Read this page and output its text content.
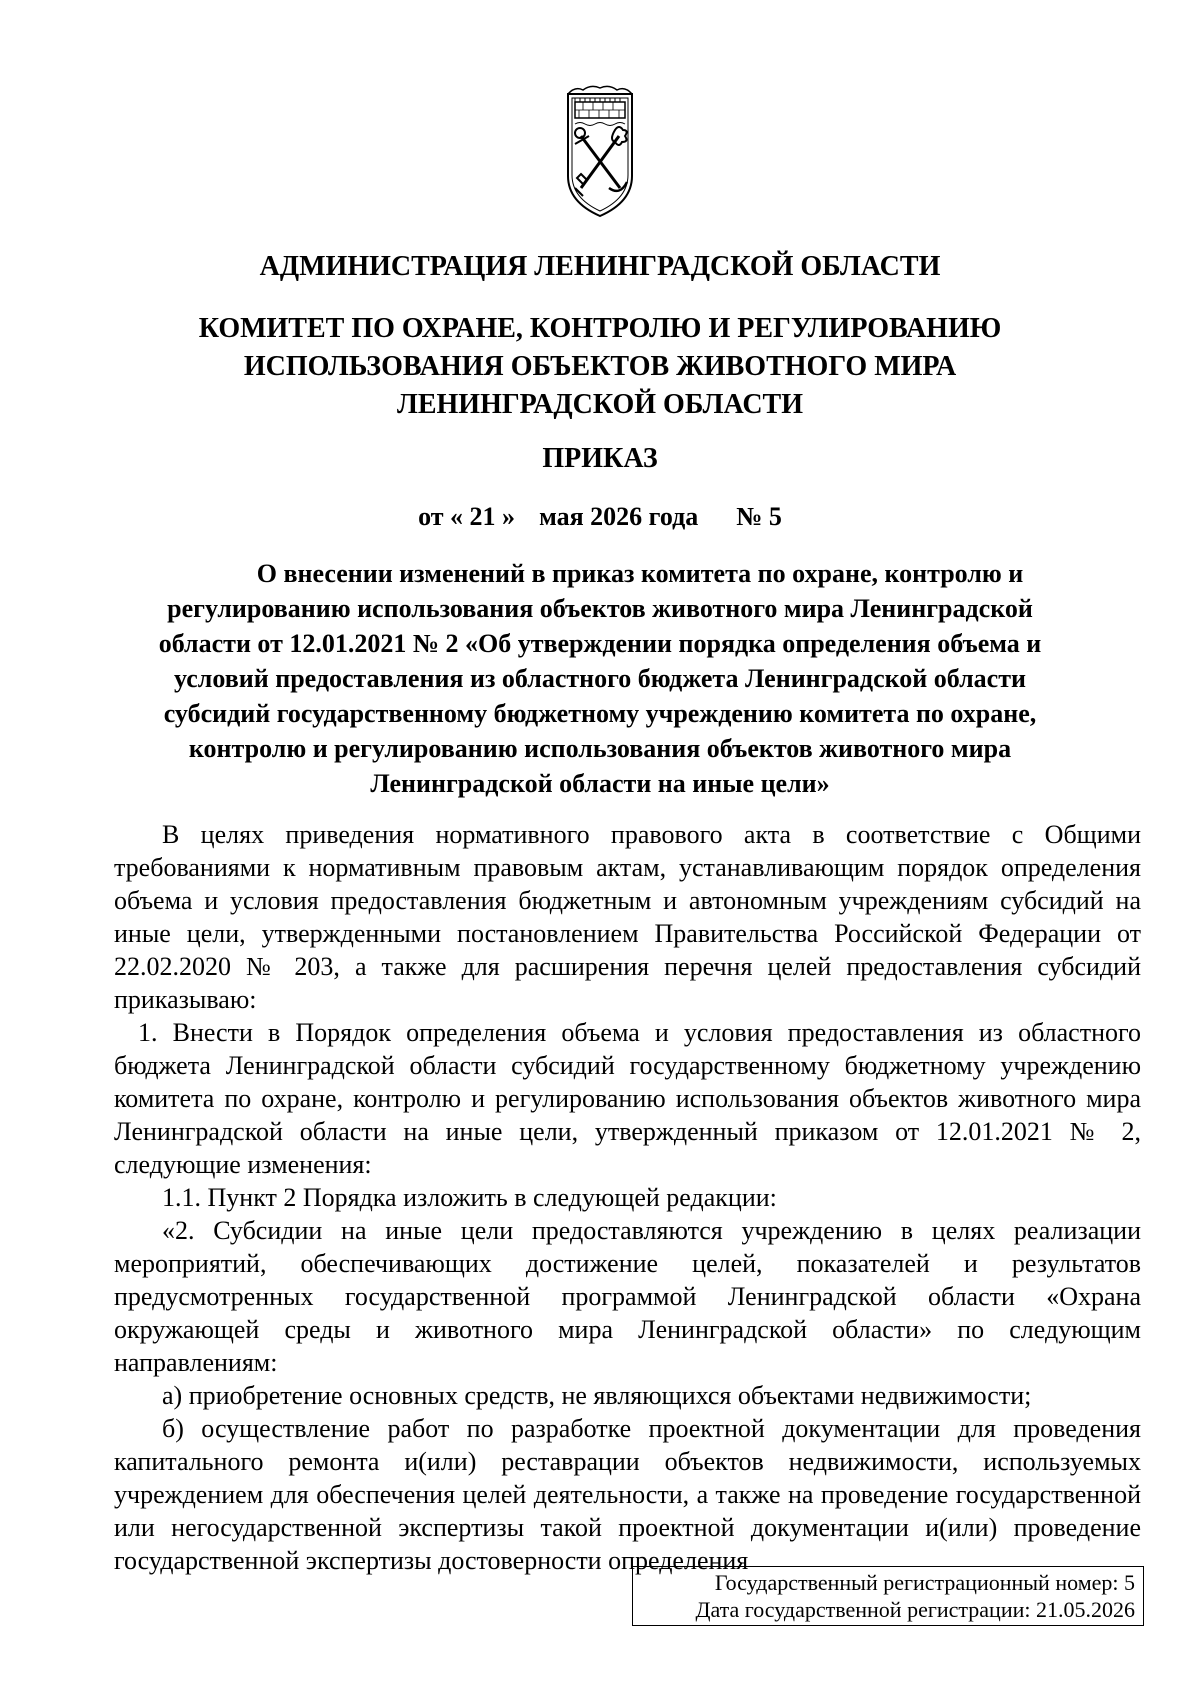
АДМИНИСТРАЦИЯ ЛЕНИНГРАДСКОЙ ОБЛАСТИ
КОМИТЕТ ПО ОХРАНЕ, КОНТРОЛЮ И РЕГУЛИРОВАНИЮ
ИСПОЛЬЗОВАНИЯ ОБЪЕКТОВ ЖИВОТНОГО МИРА
ЛЕНИНГРАДСКОЙ ОБЛАСТИ
ПРИКАЗ
от « 21 » мая 2026 года № 5

О внесении изменений в приказ комитета по охране, контролю и регулированию использования объектов животного мира Ленинградской области от 12.01.2021 № 2 «Об утверждении порядка определения объема и условий предоставления из областного бюджета Ленинградской области субсидий государственному бюджетному учреждению комитета по охране, контролю и регулированию использования объектов животного мира Ленинградской области на иные цели»

В целях приведения нормативного правового акта в соответствие с Общими требованиями к нормативным правовым актам, устанавливающим порядок определения объема и условия предоставления бюджетным и автономным учреждениям субсидий на иные цели, утвержденными постановлением Правительства Российской Федерации от 22.02.2020 № 203, а также для расширения перечня целей предоставления субсидий приказываю:

1. Внести в Порядок определения объема и условия предоставления из областного бюджета Ленинградской области субсидий государственному бюджетному учреждению комитета по охране, контролю и регулированию использования объектов животного мира Ленинградской области на иные цели, утвержденный приказом от 12.01.2021 № 2, следующие изменения:

1.1. Пункт 2 Порядка изложить в следующей редакции:

«2. Субсидии на иные цели предоставляются учреждению в целях реализации мероприятий, обеспечивающих достижение целей, показателей и результатов предусмотренных государственной программой Ленинградской области «Охрана окружающей среды и животного мира Ленинградской области» по следующим направлениям:

а) приобретение основных средств, не являющихся объектами недвижимости;

б) осуществление работ по разработке проектной документации для проведения капитального ремонта и(или) реставрации объектов недвижимости, используемых учреждением для обеспечения целей деятельности, а также на проведение государственной или негосударственной экспертизы такой проектной документации и(или) проведение государственной экспертизы достоверности определения

Государственный регистрационный номер: 5
Дата государственной регистрации: 21.05.2026
